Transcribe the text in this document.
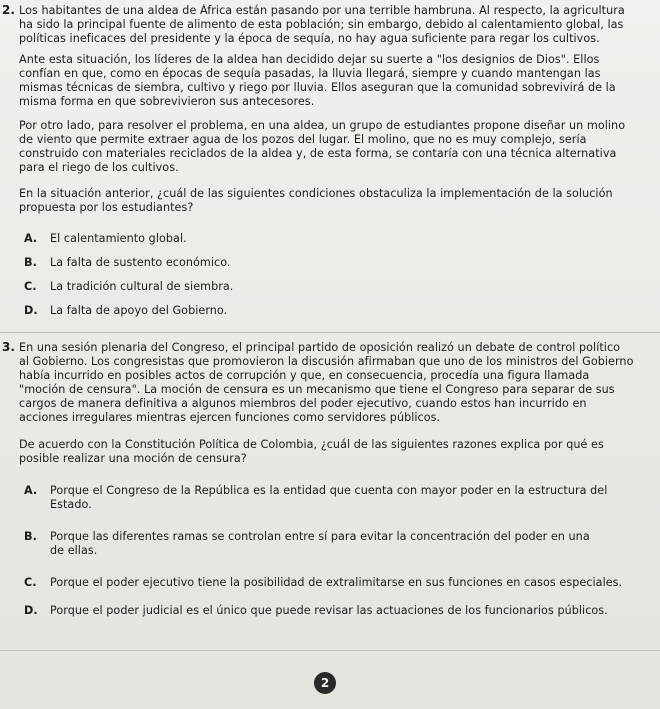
2. Los habitantes de una aldea de África están pasando por una terrible hambruna. Al respecto, la agricultura
ha sido la principal fuente de alimento de esta población; sin embargo, debido al calentamiento global, las
políticas ineficaces del presidente y la época de sequía, no hay agua suficiente para regar los cultivos.
Ante esta situación, los líderes de la aldea han decidido dejar su suerte a "los designios de Dios". Ellos
confían en que, como en épocas de sequía pasadas, la lluvia llegará, siempre y cuando mantengan las
mismas técnicas de siembra, cultivo y riego por lluvia. Ellos aseguran que la comunidad sobrevivirá de la
misma forma en que sobrevivieron sus antecesores.
Por otro lado, para resolver el problema, en una aldea, un grupo de estudiantes propone diseñar un molino
de viento que permite extraer agua de los pozos del lugar. El molino, que no es muy complejo, sería
construido con materiales reciclados de la aldea y, de esta forma, se contaría con una técnica alternativa
para el riego de los cultivos.
En la situación anterior, ¿cuál de las siguientes condiciones obstaculiza la implementación de la solución
propuesta por los estudiantes?
A. El calentamiento global.
B. La falta de sustento económico.
C. La tradición cultural de siembra.
D. La falta de apoyo del Gobierno.
3. En una sesión plenaria del Congreso, el principal partido de oposición realizó un debate de control político
al Gobierno. Los congresistas que promovieron la discusión afirmaban que uno de los ministros del Gobierno
había incurrido en posibles actos de corrupción y que, en consecuencia, procedía una figura llamada
"moción de censura". La moción de censura es un mecanismo que tiene el Congreso para separar de sus
cargos de manera definitiva a algunos miembros del poder ejecutivo, cuando estos han incurrido en
acciones irregulares mientras ejercen funciones como servidores públicos.
De acuerdo con la Constitución Política de Colombia, ¿cuál de las siguientes razones explica por qué es
posible realizar una moción de censura?
A.	Porque el Congreso de la República es la entidad que cuenta con mayor poder en la estructura del
Estado.
B.	Porque las diferentes ramas se controlan entre sí para evitar la concentración del poder en una
de ellas.
C.	Porque el poder ejecutivo tiene la posibilidad de extralimitarse en sus funciones en casos especiales.
D.	Porque el poder judicial es el único que puede revisar las actuaciones de los funcionarios públicos.
2
